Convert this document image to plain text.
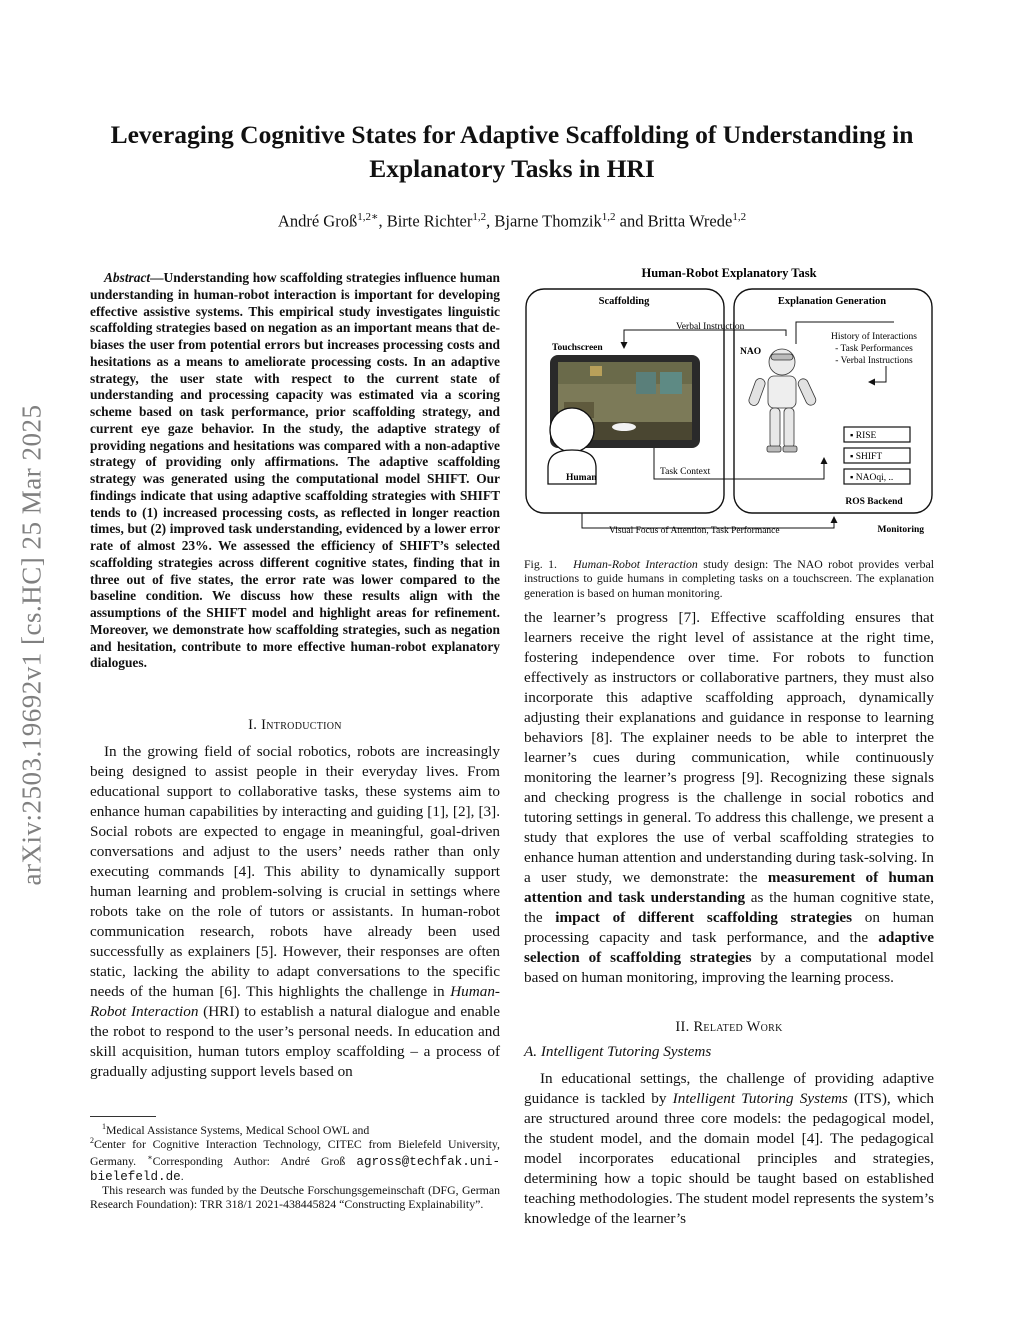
arXiv:2503.19692v1 [cs.HC] 25 Mar 2025
Leveraging Cognitive States for Adaptive Scaffolding of Understanding in Explanatory Tasks in HRI
André Groß$^{1,2∗}$, Birte Richter$^{1,2}$, Bjarne Thomzik$^{1,2}$ and Britta Wrede$^{1,2}$
Abstract—Understanding how scaffolding strategies influence human understanding in human-robot interaction is important for developing effective assistive systems. This empirical study investigates linguistic scaffolding strategies based on negation as an important means that de-biases the user from potential errors but increases processing costs and hesitations as a means to ameliorate processing costs. In an adaptive strategy, the user state with respect to the current state of understanding and processing capacity was estimated via a scoring scheme based on task performance, prior scaffolding strategy, and current eye gaze behavior. In the study, the adaptive strategy of providing negations and hesitations was compared with a non-adaptive strategy of providing only affirmations. The adaptive scaffolding strategy was generated using the computational model SHIFT. Our findings indicate that using adaptive scaffolding strategies with SHIFT tends to (1) increased processing costs, as reflected in longer reaction times, but (2) improved task understanding, evidenced by a lower error rate of almost 23%. We assessed the efficiency of SHIFT’s selected scaffolding strategies across different cognitive states, finding that in three out of five states, the error rate was lower compared to the baseline condition. We discuss how these results align with the assumptions of the SHIFT model and highlight areas for refinement. Moreover, we demonstrate how scaffolding strategies, such as negation and hesitation, contribute to more effective human-robot explanatory dialogues.
I. Introduction
In the growing field of social robotics, robots are increasingly being designed to assist people in their everyday lives. From educational support to collaborative tasks, these systems aim to enhance human capabilities by interacting and guiding [1], [2], [3]. Social robots are expected to engage in meaningful, goal-driven conversations and adjust to the users’ needs rather than only executing commands [4]. This ability to dynamically support human learning and problem-solving is crucial in settings where robots take on the role of tutors or assistants. In human-robot communication research, robots have already been used successfully as explainers [5]. However, their responses are often static, lacking the ability to adapt conversations to the specific needs of the human [6]. This highlights the challenge in Human-Robot Interaction (HRI) to establish a natural dialogue and enable the robot to respond to the user’s personal needs. In education and skill acquisition, human tutors employ scaffolding – a process of gradually adjusting support levels based on
$^1$Medical Assistance Systems, Medical School OWL and
$^2$Center for Cognitive Interaction Technology, CITEC from Bielefeld University, Germany. ∗Corresponding Author: André Groß agross@techfak.uni-bielefeld.de.
This research was funded by the Deutsche Forschungsgemeinschaft (DFG, German Research Foundation): TRR 318/1 2021-438445824 “Constructing Explainability”.
Human-Robot Explanatory Task
Scaffolding	Explanation Generation
Verbal Instruction
Touchscreen
Human
Task Context
NAO
History of Interactions
- Task Performances
- Verbal Instructions
▪ RISE
▪ SHIFT
▪ NAOqi, ..
ROS Backend
Visual Focus of Attention, Task Performance	Monitoring
Fig. 1. Human-Robot Interaction study design: The NAO robot provides verbal instructions to guide humans in completing tasks on a touchscreen. The explanation generation is based on human monitoring.
the learner’s progress [7]. Effective scaffolding ensures that learners receive the right level of assistance at the right time, fostering independence over time. For robots to function effectively as instructors or collaborative partners, they must also incorporate this adaptive scaffolding approach, dynamically adjusting their explanations and guidance in response to learning behaviors [8]. The explainer needs to be able to interpret the learner’s cues during communication, while continuously monitoring the learner’s progress [9]. Recognizing these signals and checking progress is the challenge in social robotics and tutoring settings in general. To address this challenge, we present a study that explores the use of verbal scaffolding strategies to enhance human attention and understanding during task-solving. In a user study, we demonstrate: the measurement of human attention and task understanding as the human cognitive state, the impact of different scaffolding strategies on human processing capacity and task performance, and the adaptive selection of scaffolding strategies by a computational model based on human monitoring, improving the learning process.
II. Related Work
A. Intelligent Tutoring Systems
In educational settings, the challenge of providing adaptive guidance is tackled by Intelligent Tutoring Systems (ITS), which are structured around three core models: the pedagogical model, the student model, and the domain model [4]. The pedagogical model incorporates educational principles and strategies, determining how a topic should be taught based on established teaching methodologies. The student model represents the system’s knowledge of the learner’s
